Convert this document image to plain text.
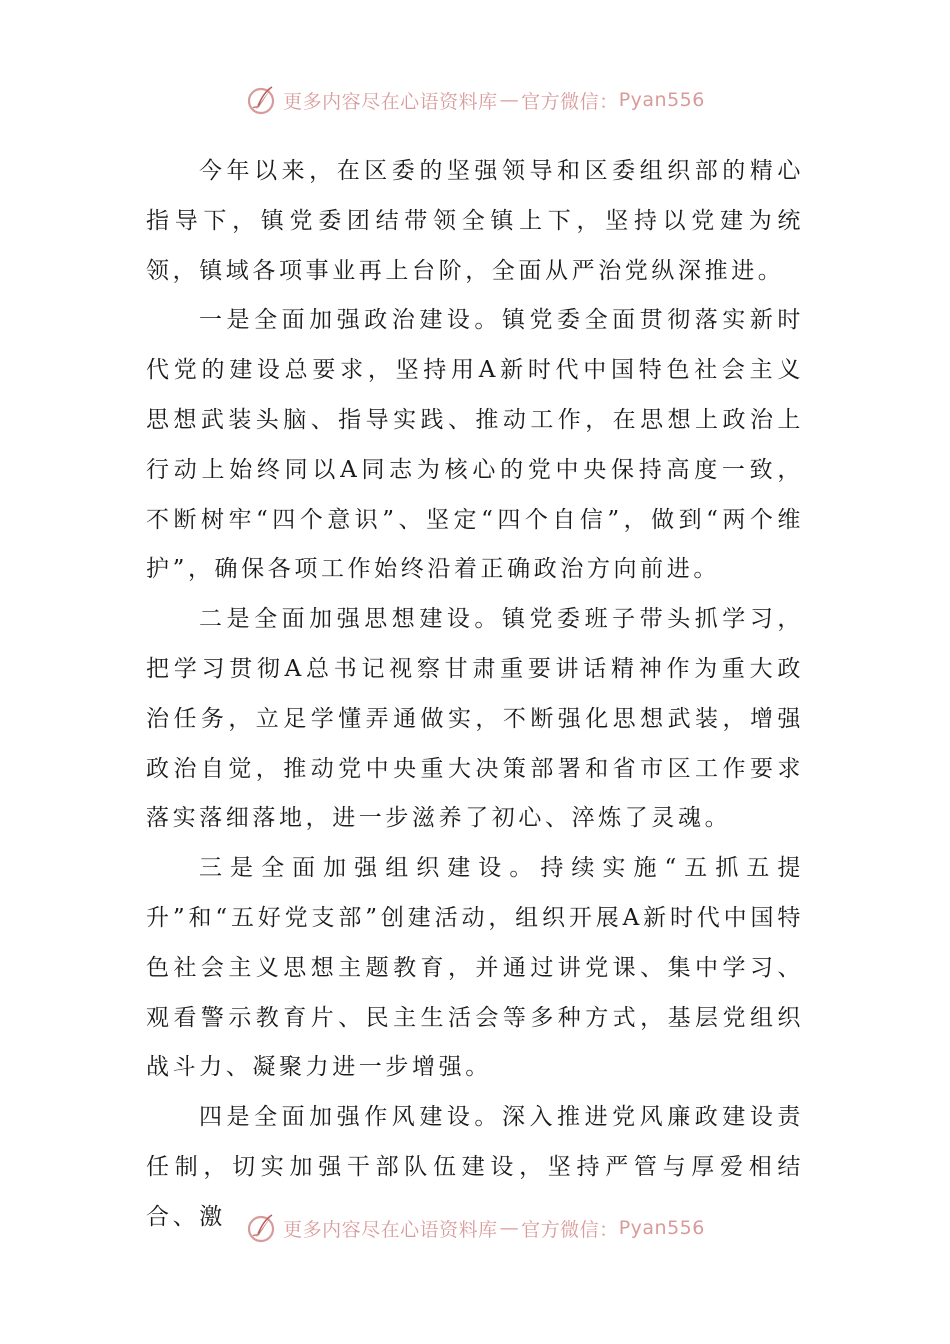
更多内容尽在心语资料库 — 官方微信： Pyan556

今年以来，在区委的坚强领导和区委组织部的精心指导下，镇党委团结带领全镇上下，坚持以党建为统领，镇域各项事业再上台阶，全面从严治党纵深推进。

一是全面加强政治建设。镇党委全面贯彻落实新时代党的建设总要求，坚持用A新时代中国特色社会主义思想武装头脑、指导实践、推动工作，在思想上政治上行动上始终同以A同志为核心的党中央保持高度一致，不断树牢“四个意识”、坚定“四个自信”，做到“两个维护”，确保各项工作始终沿着正确政治方向前进。

二是全面加强思想建设。镇党委班子带头抓学习，把学习贯彻A总书记视察甘肃重要讲话精神作为重大政治任务，立足学懂弄通做实，不断强化思想武装，增强政治自觉，推动党中央重大决策部署和省市区工作要求落实落细落地，进一步滋养了初心、淬炼了灵魂。

三是全面加强组织建设。持续实施“五抓五提升”和“五好党支部”创建活动，组织开展A新时代中国特色社会主义思想主题教育，并通过讲党课、集中学习、观看警示教育片、民主生活会等多种方式，基层党组织战斗力、凝聚力进一步增强。

四是全面加强作风建设。深入推进党风廉政建设责任制，切实加强干部队伍建设，坚持严管与厚爱相结合、激	更多内容尽在心语资料库 — 官方微信： Pyan556
